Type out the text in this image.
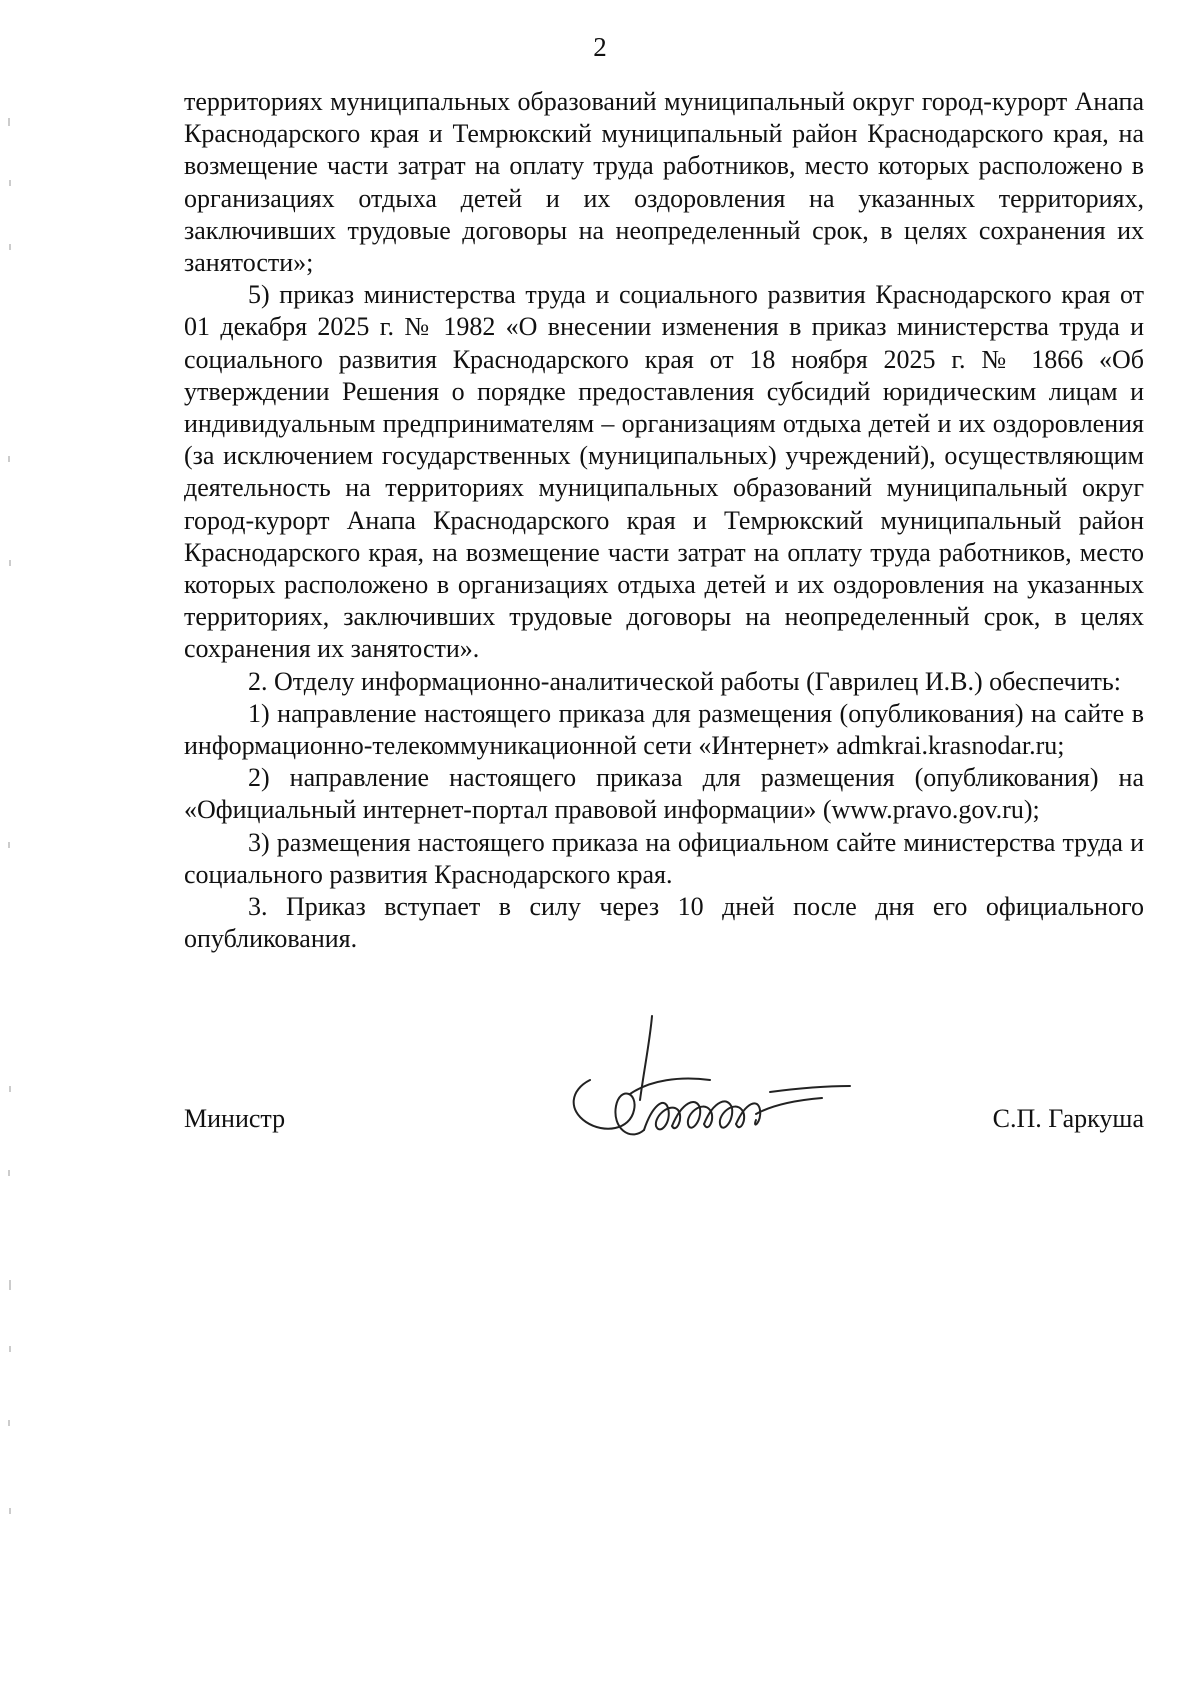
2

территориях муниципальных образований муниципальный округ город-курорт Анапа Краснодарского края и Темрюкский муниципальный район Краснодарского края, на возмещение части затрат на оплату труда работников, место которых расположено в организациях отдыха детей и их оздоровления на указанных территориях, заключивших трудовые договоры на неопределенный срок, в целях сохранения их занятости»;

5) приказ министерства труда и социального развития Краснодарского края от 01 декабря 2025 г. № 1982 «О внесении изменения в приказ министерства труда и социального развития Краснодарского края от 18 ноября 2025 г. № 1866 «Об утверждении Решения о порядке предоставления субсидий юридическим лицам и индивидуальным предпринимателям – организациям отдыха детей и их оздоровления (за исключением государственных (муниципальных) учреждений), осуществляющим деятельность на территориях муниципальных образований муниципальный округ город-курорт Анапа Краснодарского края и Темрюкский муниципальный район Краснодарского края, на возмещение части затрат на оплату труда работников, место которых расположено в организациях отдыха детей и их оздоровления на указанных территориях, заключивших трудовые договоры на неопределенный срок, в целях сохранения их занятости».

2. Отделу информационно-аналитической работы (Гаврилец И.В.) обеспечить:

1) направление настоящего приказа для размещения (опубликования) на сайте в информационно-телекоммуникационной сети «Интернет» admkrai.krasnodar.ru;

2) направление настоящего приказа для размещения (опубликования) на «Официальный интернет-портал правовой информации» (www.pravo.gov.ru);

3) размещения настоящего приказа на официальном сайте министерства труда и социального развития Краснодарского края.

3. Приказ вступает в силу через 10 дней после дня его официального опубликования.

Министр	С.П. Гаркуша
